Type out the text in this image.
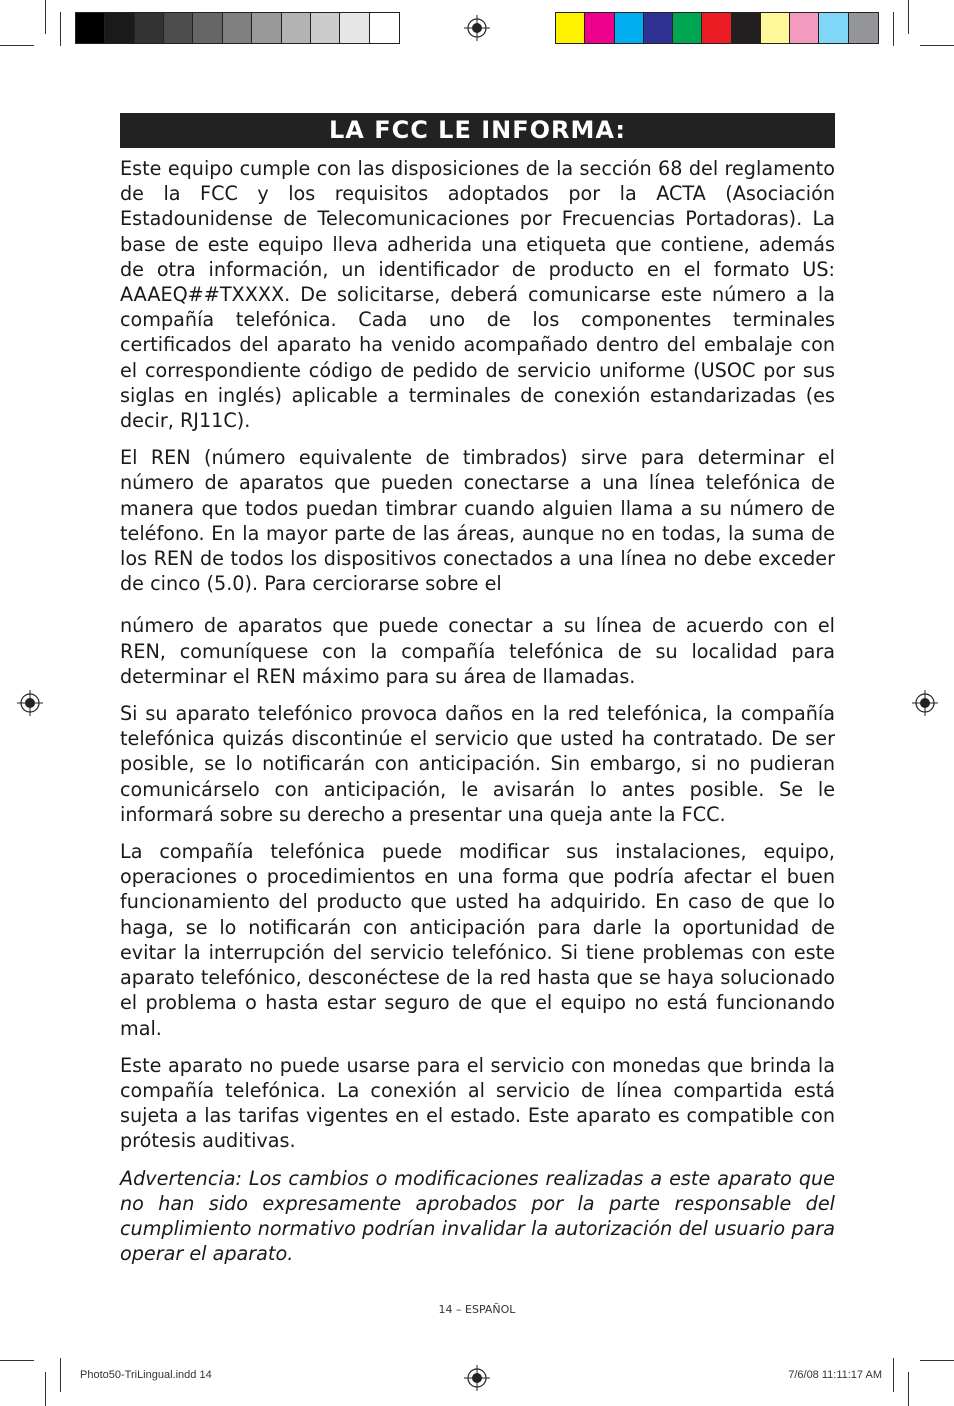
LA FCC LE INFORMA:

Este equipo cumple con las disposiciones de la sección 68 del reglamento de la FCC y los requisitos adoptados por la ACTA (Asociación Estadounidense de Telecomunicaciones por Frecuencias Portadoras). La base de este equipo lleva adherida una etiqueta que contiene, además de otra información, un identificador de producto en el formato US: AAAEQ##TXXXX. De solicitarse, deberá comunicarse este número a la compañía telefónica. Cada uno de los componentes terminales certificados del aparato ha venido acompañado dentro del embalaje con el correspondiente código de pedido de servicio uniforme (USOC por sus siglas en inglés) aplicable a terminales de conexión estandarizadas (es decir, RJ11C).

El REN (número equivalente de timbrados) sirve para determinar el número de aparatos que pueden conectarse a una línea telefónica de manera que todos puedan timbrar cuando alguien llama a su número de teléfono. En la mayor parte de las áreas, aunque no en todas, la suma de los REN de todos los dispositivos conectados a una línea no debe exceder de cinco (5.0). Para cerciorarse sobre el

número de aparatos que puede conectar a su línea de acuerdo con el REN, comuníquese con la compañía telefónica de su localidad para determinar el REN máximo para su área de llamadas.

Si su aparato telefónico provoca daños en la red telefónica, la compañía telefónica quizás discontinúe el servicio que usted ha contratado. De ser posible, se lo notificarán con anticipación. Sin embargo, si no pudieran comunicárselo con anticipación, le avisarán lo antes posible. Se le informará sobre su derecho a presentar una queja ante la FCC.

La compañía telefónica puede modificar sus instalaciones, equipo, operaciones o procedimientos en una forma que podría afectar el buen funcionamiento del producto que usted ha adquirido. En caso de que lo haga, se lo notificarán con anticipación para darle la oportunidad de evitar la interrupción del servicio telefónico. Si tiene problemas con este aparato telefónico, desconéctese de la red hasta que se haya solucionado el problema o hasta estar seguro de que el equipo no está funcionando mal.

Este aparato no puede usarse para el servicio con monedas que brinda la compañía telefónica. La conexión al servicio de línea compartida está sujeta a las tarifas vigentes en el estado. Este aparato es compatible con prótesis auditivas.

Advertencia: Los cambios o modificaciones realizadas a este aparato que no han sido expresamente aprobados por la parte responsable del cumplimiento normativo podrían invalidar la autorización del usuario para operar el aparato.

14 – ESPAÑOL
Photo50-TriLingual.indd 14	7/6/08 11:11:17 AM
